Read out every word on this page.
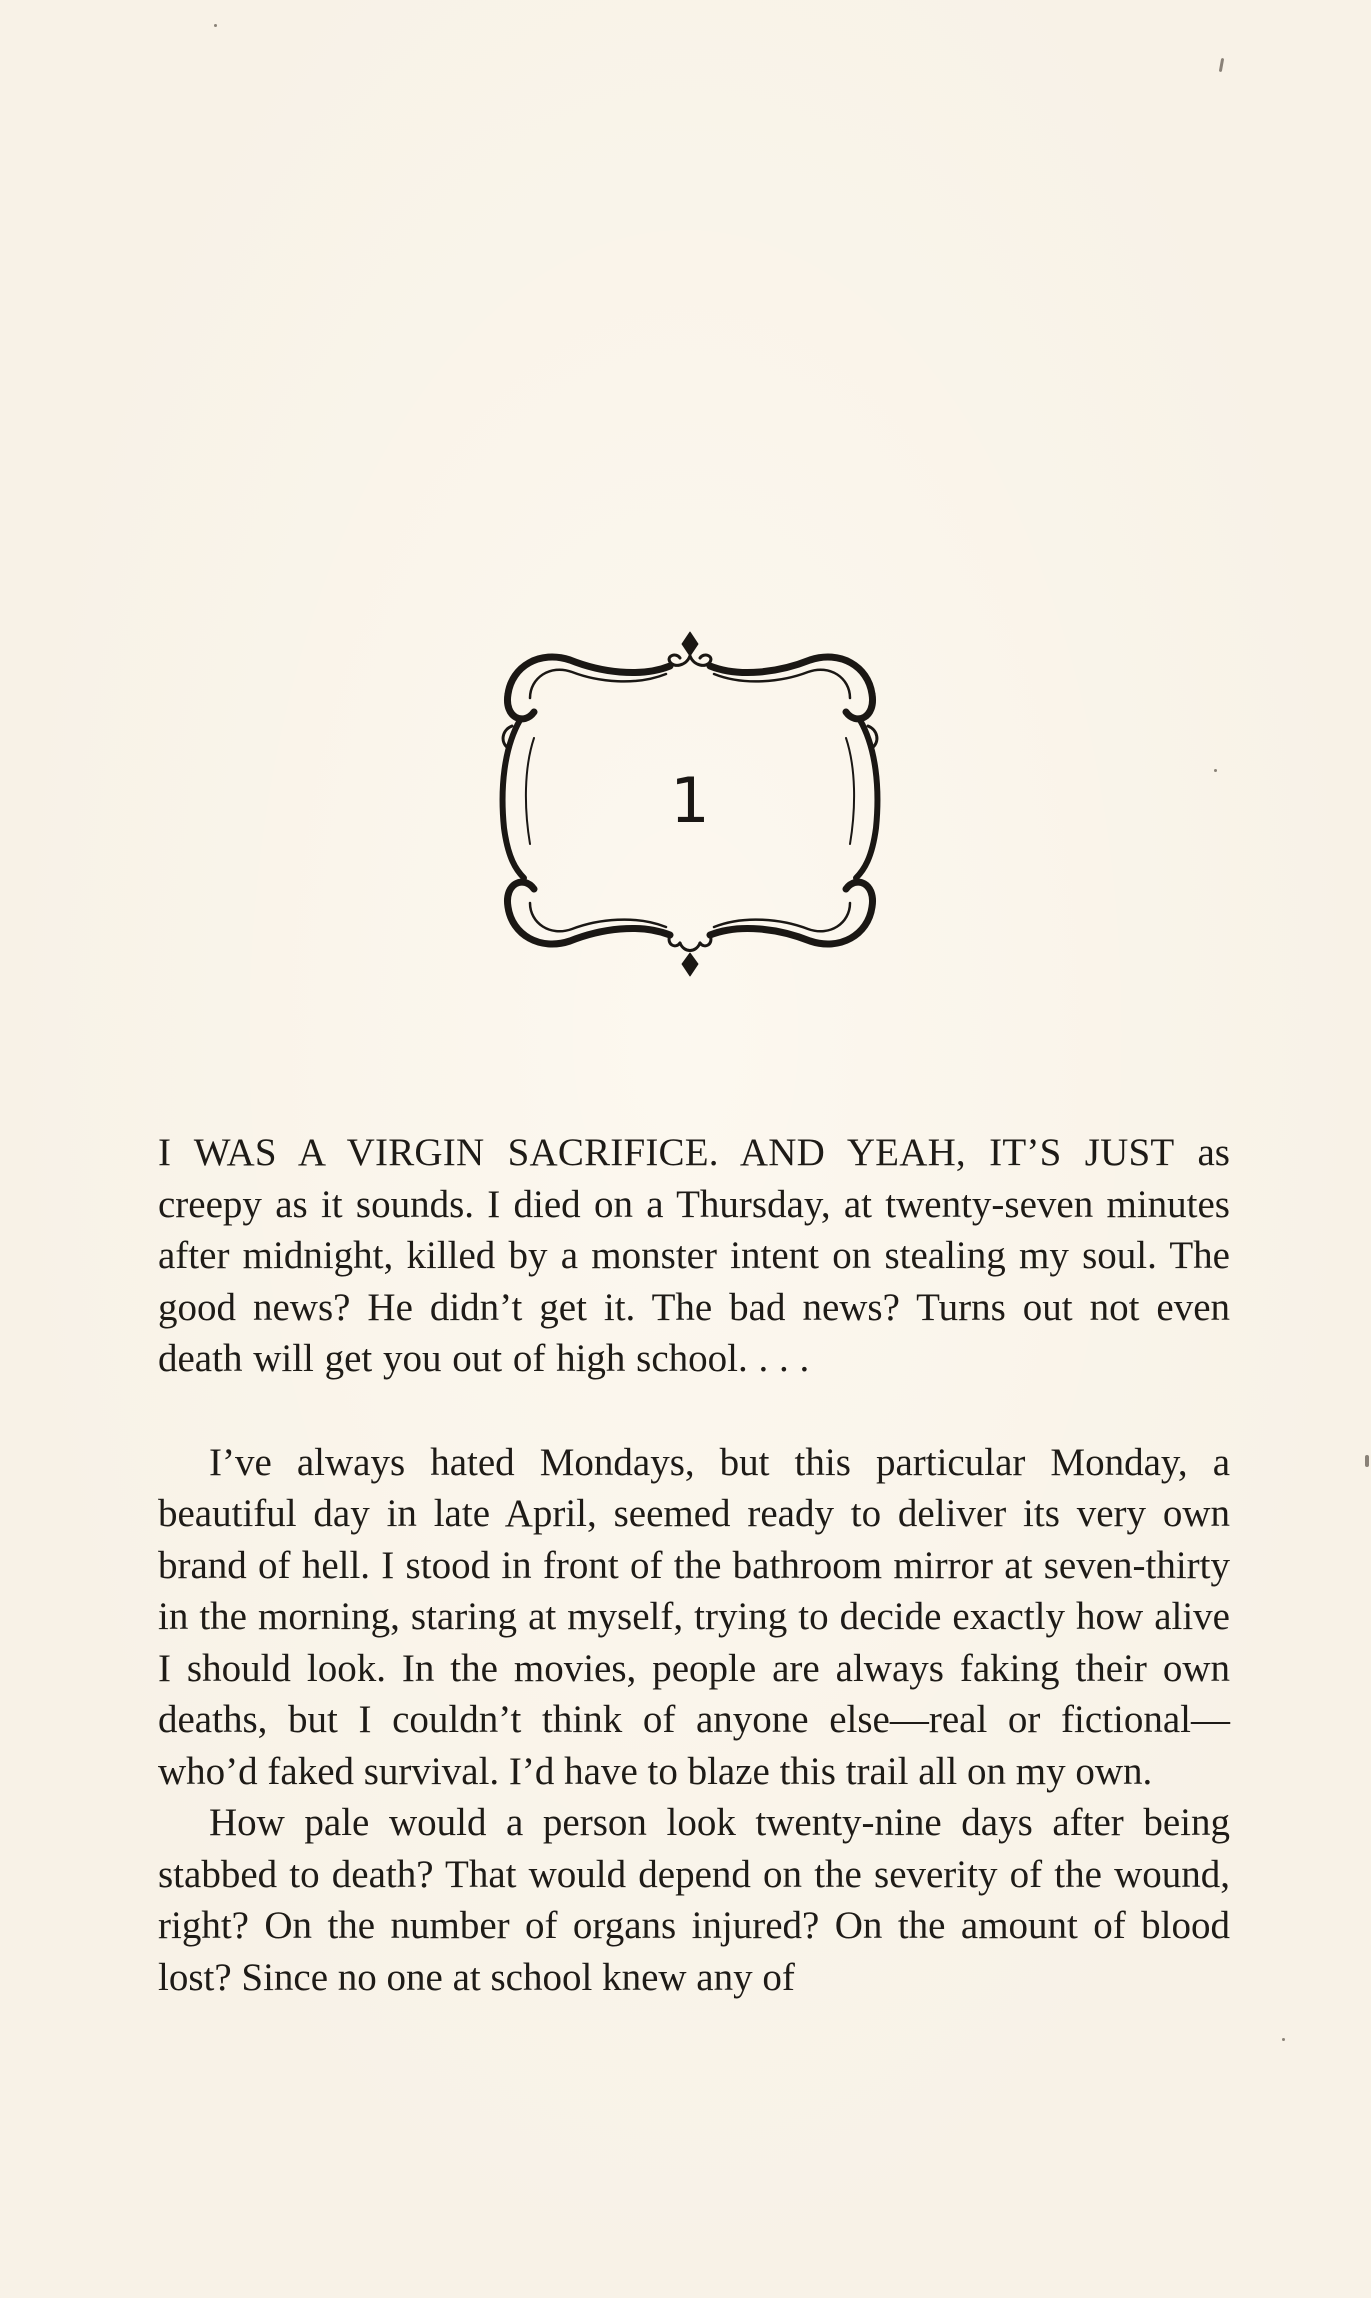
1

I WAS A VIRGIN SACRIFICE. AND YEAH, IT’S JUST as creepy as it sounds. I died on a Thursday, at twenty-seven minutes after midnight, killed by a monster intent on stealing my soul. The good news? He didn’t get it. The bad news? Turns out not even death will get you out of high school. . . .

I’ve always hated Mondays, but this particular Monday, a beautiful day in late April, seemed ready to deliver its very own brand of hell. I stood in front of the bathroom mirror at seven-thirty in the morning, staring at myself, trying to decide exactly how alive I should look. In the movies, people are always faking their own deaths, but I couldn’t think of anyone else—real or fictional—who’d faked survival. I’d have to blaze this trail all on my own.

How pale would a person look twenty-nine days after being stabbed to death? That would depend on the severity of the wound, right? On the number of organs injured? On the amount of blood lost? Since no one at school knew any of
